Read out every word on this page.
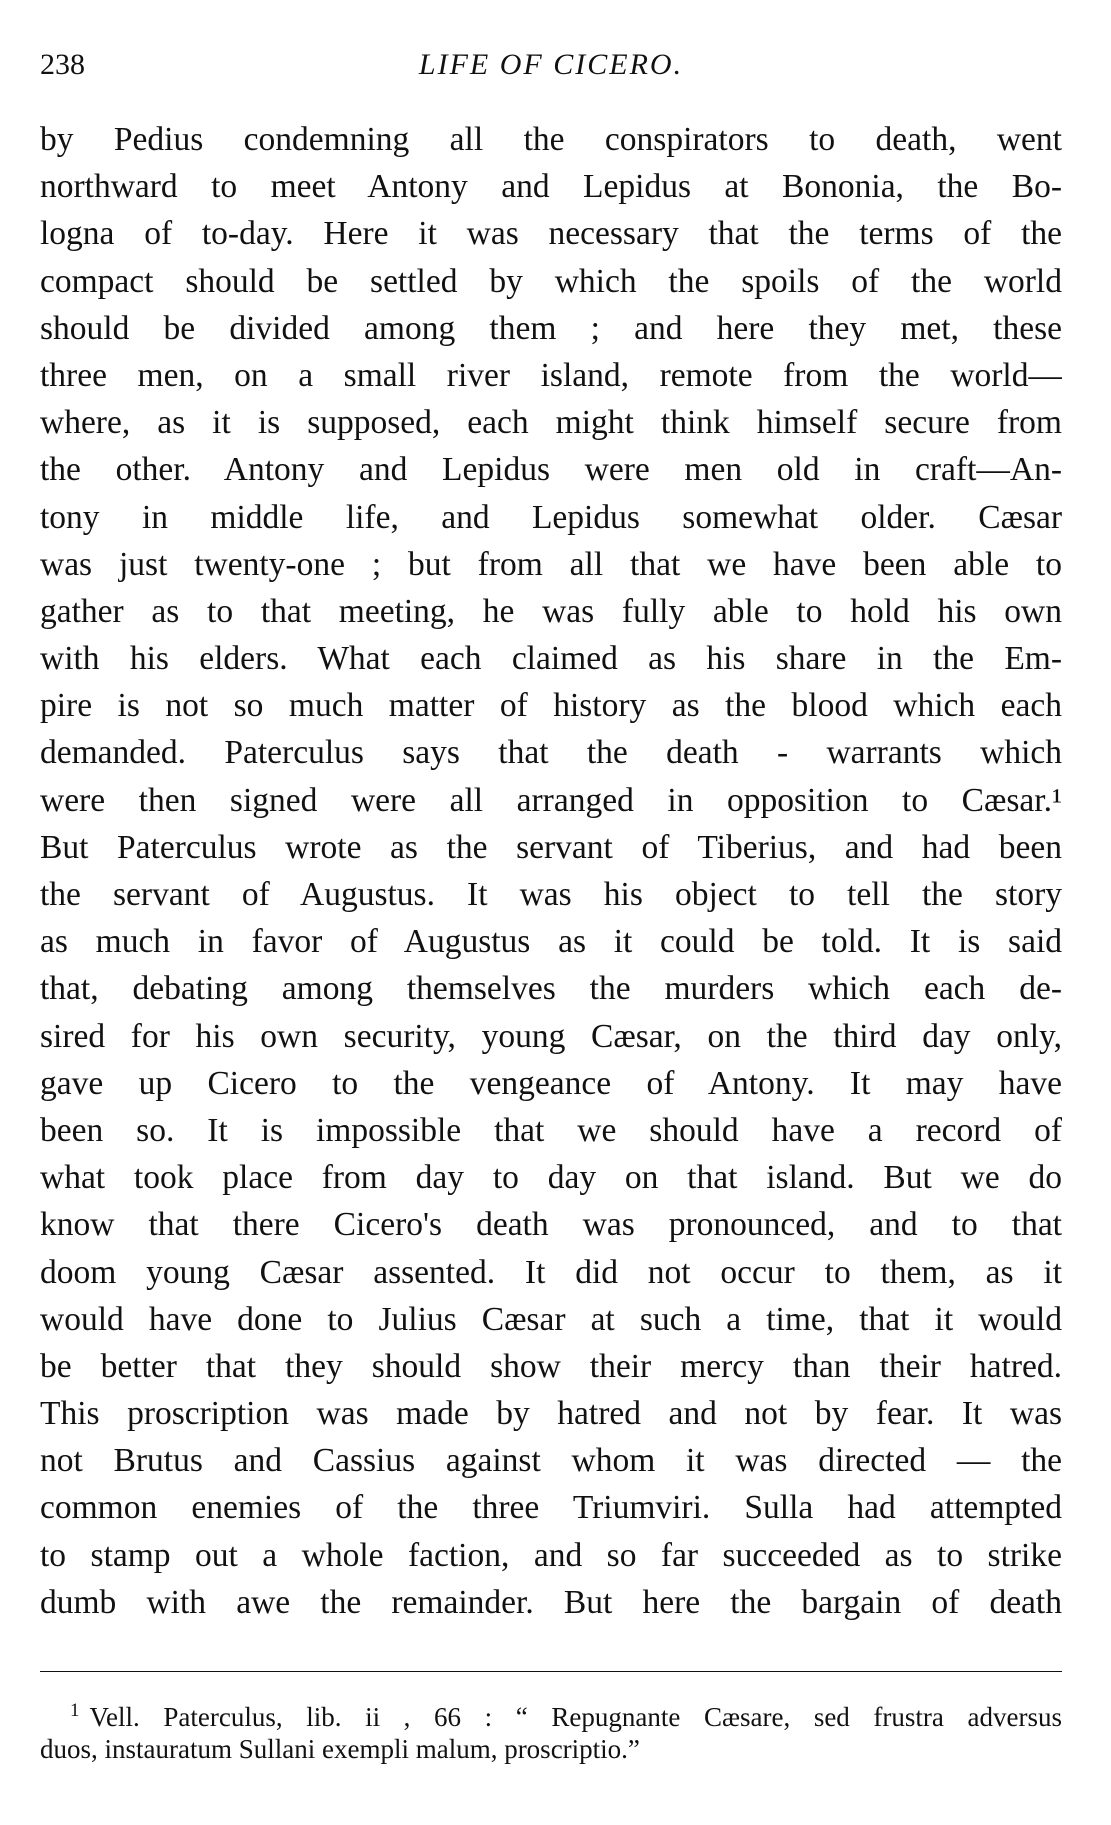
238	LIFE OF CICERO.
by Pedius condemning all the conspirators to death, went
northward to meet Antony and Lepidus at Bononia, the Bo-
logna of to-day. Here it was necessary that the terms of the
compact should be settled by which the spoils of the world
should be divided among them ; and here they met, these
three men, on a small river island, remote from the world—
where, as it is supposed, each might think himself secure from
the other. Antony and Lepidus were men old in craft—An-
tony in middle life, and Lepidus somewhat older. Cæsar
was just twenty-one ; but from all that we have been able to
gather as to that meeting, he was fully able to hold his own
with his elders. What each claimed as his share in the Em-
pire is not so much matter of history as the blood which each
demanded. Paterculus says that the death - warrants which
were then signed were all arranged in opposition to Cæsar.¹
But Paterculus wrote as the servant of Tiberius, and had been
the servant of Augustus. It was his object to tell the story
as much in favor of Augustus as it could be told. It is said
that, debating among themselves the murders which each de-
sired for his own security, young Cæsar, on the third day only,
gave up Cicero to the vengeance of Antony. It may have
been so. It is impossible that we should have a record of
what took place from day to day on that island. But we do
know that there Cicero's death was pronounced, and to that
doom young Cæsar assented. It did not occur to them, as it
would have done to Julius Cæsar at such a time, that it would
be better that they should show their mercy than their hatred.
This proscription was made by hatred and not by fear. It was
not Brutus and Cassius against whom it was directed — the
common enemies of the three Triumviri. Sulla had attempted
to stamp out a whole faction, and so far succeeded as to strike
dumb with awe the remainder. But here the bargain of death
$^1$ Vell. Paterculus, lib. ii , 66 : “ Repugnante Cæsare, sed frustra adversus
duos, instauratum Sullani exempli malum, proscriptio.”
